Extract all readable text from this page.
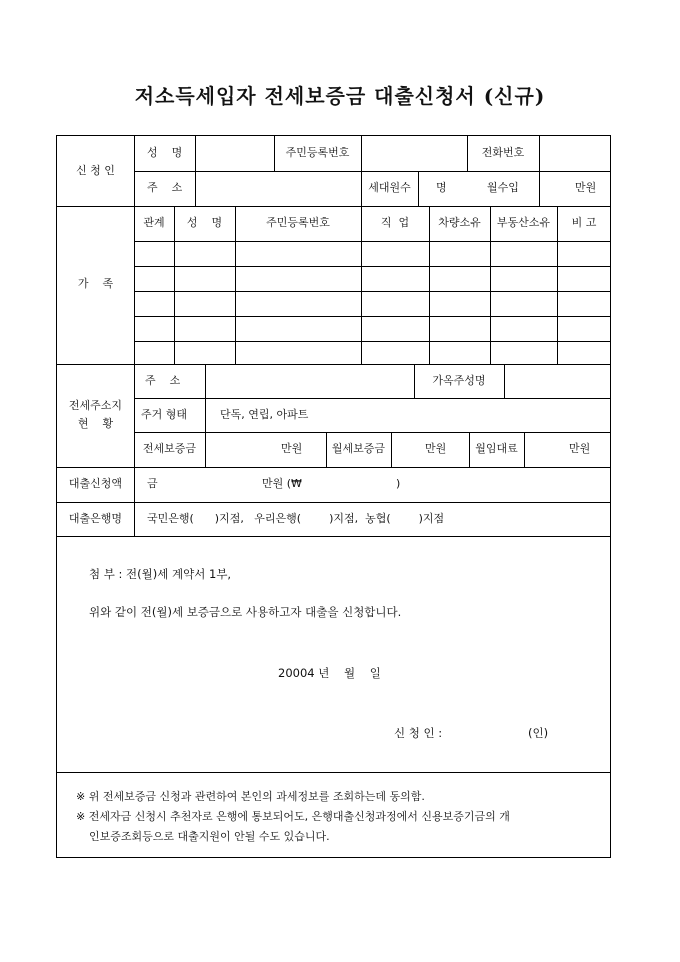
저소득세입자 전세보증금 대출신청서 (신규)
신 청 인
성    명	주민등록번호	전화번호
주    소	세대원수	명	월수입	만원
가    족
관계	성    명	주민등록번호	직  업	차량소유	부동산소유	비 고
전세주소지
현    황
주    소	가옥주성명
주거 형태	단독, 연립, 아파트
전세보증금	만원	월세보증금	만원	월임대료	만원
대출신청액	금	만원 (₩	)
대출은행명	국민은행(      )지점,   우리은행(        )지점,  농협(        )지점
첨 부 : 전(월)세 계약서 1부,
위와 같이 전(월)세 보증금으로 사용하고자 대출을 신청합니다.
20004 년    월    일
신 청 인 :	(인)
※ 위 전세보증금 신청과 관련하여 본인의 과세정보를 조회하는데 동의함.
※ 전세자금 신청시 추천자로 은행에 통보되어도, 은행대출신청과정에서 신용보증기금의 개
인보증조회등으로 대출지원이 안될 수도 있습니다.
